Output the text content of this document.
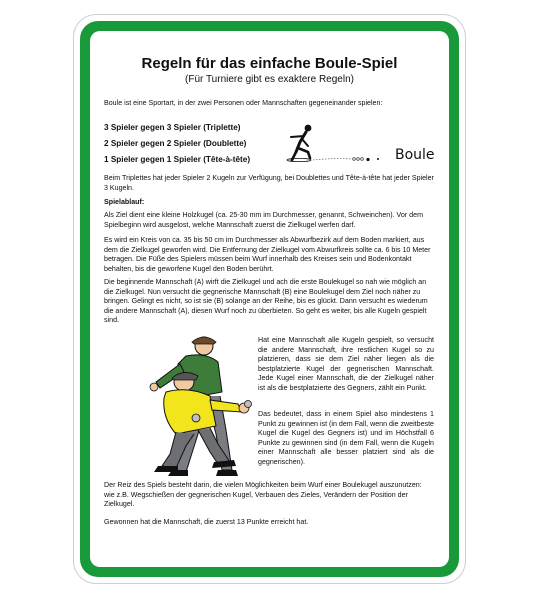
Regeln für das einfache Boule-Spiel
(Für Turniere gibt es exaktere Regeln)

Boule ist eine Sportart, in der zwei Personen oder Mannschaften gegeneinander spielen:

3 Spieler gegen 3 Spieler (Triplette)
2 Spieler gegen 2 Spieler (Doublette)
1 Spieler gegen 1 Spieler (Tête-à-tête)	Boule

Beim Triplettes hat jeder Spieler 2 Kugeln zur Verfügung, bei Doublettes und Tête-à-tête hat jeder Spieler 3 Kugeln.

Spielablauf:

Als Ziel dient eine kleine Holzkugel (ca. 25-30 mm im Durchmesser, genannt, Schweinchen). Vor dem Spielbeginn wird ausgelost, welche Mannschaft zuerst die Zielkugel werfen darf.

Es wird ein Kreis von ca. 35 bis 50 cm im Durchmesser als Abwurfbezirk auf dem Boden markiert, aus dem die Zielkugel geworfen wird. Die Entfernung der Zielkugel vom Abwurfkreis sollte ca. 6 bis 10 Meter betragen. Die Füße des Spielers müssen beim Wurf innerhalb des Kreises sein und Bodenkontakt behalten, bis die geworfene Kugel den Boden berührt.

Die beginnende Mannschaft (A) wirft die Zielkugel und ach die erste Boulekugel so nah wie möglich an die Zielkugel. Nun versucht die gegnerische Mannschaft (B) eine Boulekugel dem Ziel noch näher zu bringen. Gelingt es nicht, so ist sie (B) solange an der Reihe, bis es glückt. Dann versucht es wiederum die andere Mannschaft (A), diesen Wurf noch zu überbieten. So geht es weiter, bis alle Kugeln gespielt sind.

Hat eine Mannschaft alle Kugeln gespielt, so versucht die andere Mannschaft, ihre restlichen Kugel so zu platzieren, dass sie dem Ziel näher liegen als die bestplatzierte Kugel der gegnerischen Mannschaft. Jede Kugel einer Mannschaft, die der Zielkugel näher ist als die bestplatzierte des Gegners, zählt ein Punkt.

Das bedeutet, dass in einem Spiel also mindestens 1 Punkt zu gewinnen ist (in dem Fall, wenn die zweitbeste Kugel die Kugel des Gegners ist) und im Höchstfall 6 Punkte zu gewinnen sind (in dem Fall, wenn die Kugeln einer Mannschaft alle besser platziert sind als die gegnerischen).

Der Reiz des Spiels besteht darin, die vielen Möglichkeiten beim Wurf einer Boulekugel auszunutzen: wie z.B. Wegschießen der gegnerischen Kugel, Verbauen des Zieles, Verändern der Position der Zielkugel.

Gewonnen hat die Mannschaft, die zuerst 13 Punkte erreicht hat.
